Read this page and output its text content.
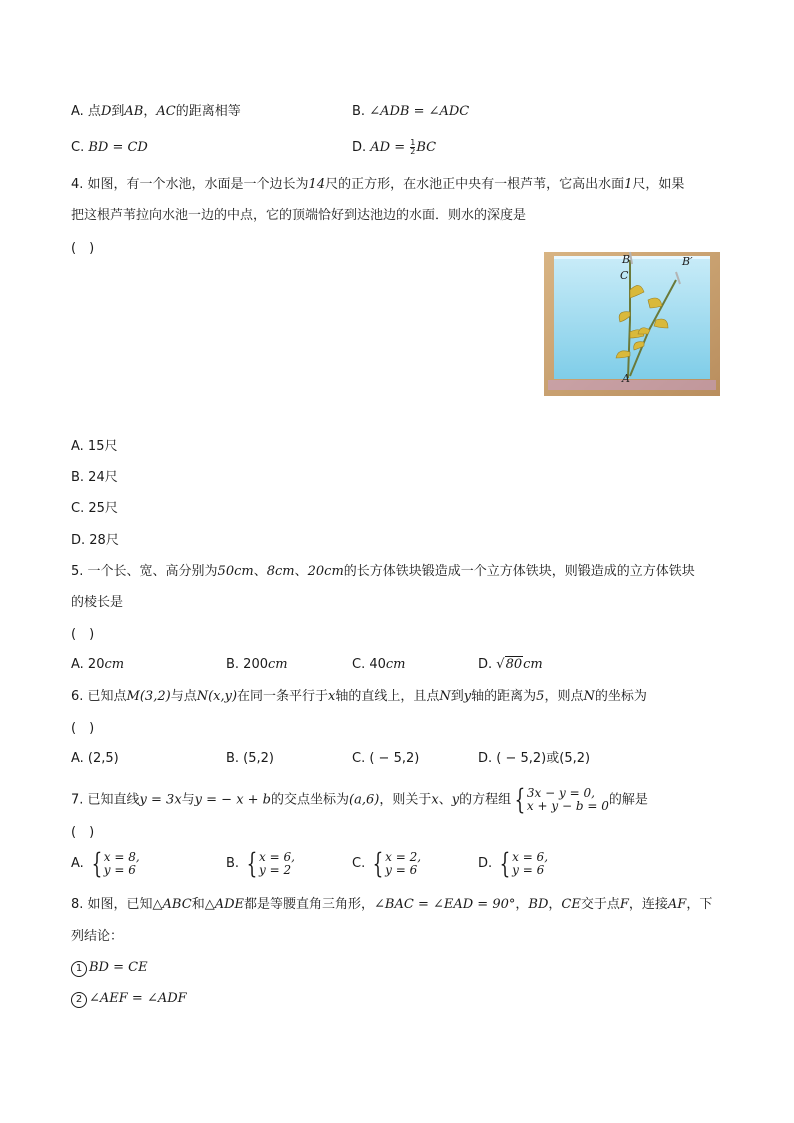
A. 点D到AB，AC的距离相等	B. ∠ADB = ∠ADC
C. BD = CD	D. AD = $\frac{1}{2}$ BC
4. 如图，有一个水池，水面是一个边长为14尺的正方形，在水池正中央有一根芦苇，它高出水面1尺，如果
把这根芦苇拉向水池一边的中点，它的顶端恰好到达池边的水面．则水的深度是
(　)
B	B′
C
A
A. 15尺
B. 24尺
C. 25尺
D. 28尺
5. 一个长、宽、高分别为50cm、8cm、20cm的长方体铁块锻造成一个立方体铁块，则锻造成的立方体铁块
的棱长是
(　)
A. 20cm	B. 200cm	C. 40cm	D. √80cm
6. 已知点M(3,2)与点N(x,y)在同一条平行于x轴的直线上，且点N到y轴的距离为5，则点N的坐标为
(　)
A. (2,5)	B. (5,2)	C. ( − 5,2)	D. ( − 5,2)或(5,2)
7. 已知直线y = 3x与y = − x + b的交点坐标为(a,6)，则关于x、y的方程组 { 3x − y = 0,
x + y − b = 0 的解是
(　)
A. { x = 8,
y = 6	B. { x = 6,
y = 2	C. { x = 2,
y = 6	D. { x = 6,
y = 6
8. 如图，已知△ABC和△ADE都是等腰直角三角形，∠BAC = ∠EAD = 90°，BD，CE交于点F，连接AF，下
列结论：
1 BD = CE
2 ∠AEF = ∠ADF
